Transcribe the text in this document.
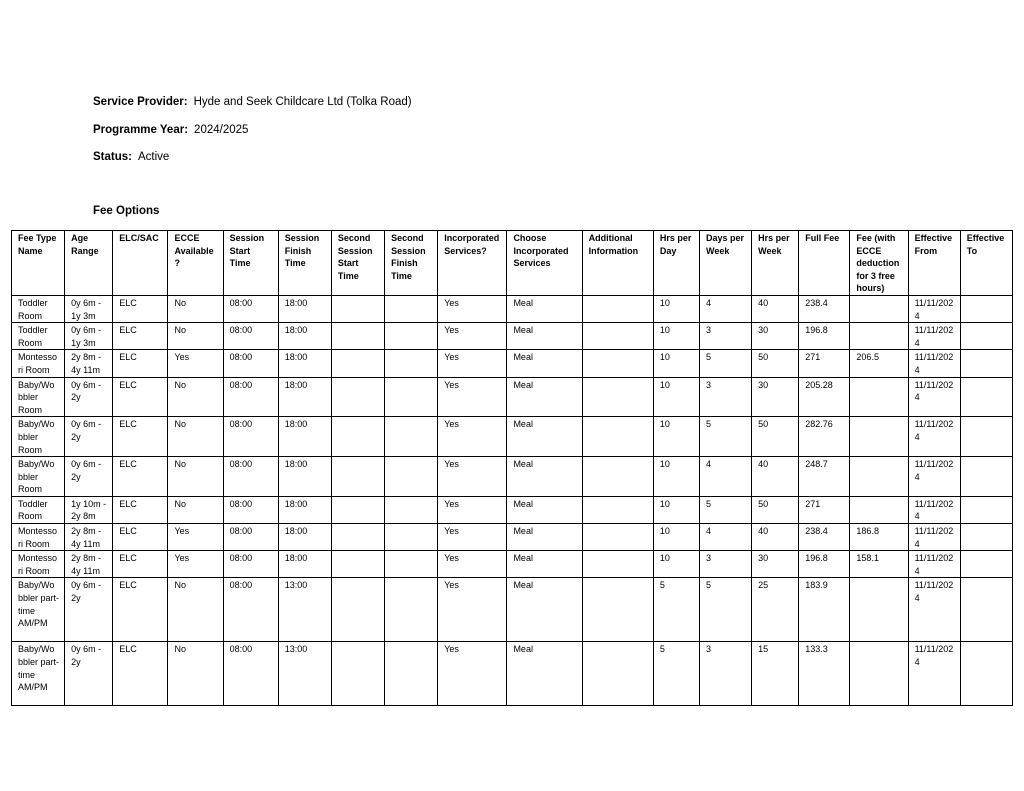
Service Provider: Hyde and Seek Childcare Ltd (Tolka Road)
Programme Year: 2024/2025
Status: Active
Fee Options
Fee Type Name	Age Range	ELC/SAC	ECCE Available ?	Session Start Time	Session Finish Time	Second Session Start Time	Second Session Finish Time	Incorporated Services?	Choose Incorporated Services	Additional Information	Hrs per Day	Days per Week	Hrs per Week	Full Fee	Fee (with ECCE deduction for 3 free hours)	Effective From	Effective To
Toddler Room	0y 6m - 1y 3m	ELC	No	08:00	18:00			Yes	Meal		10	4	40	238.4		11/11/2024	
Toddler Room	0y 6m - 1y 3m	ELC	No	08:00	18:00			Yes	Meal		10	3	30	196.8		11/11/2024	
Montessori Room	2y 8m - 4y 11m	ELC	Yes	08:00	18:00			Yes	Meal		10	5	50	271	206.5	11/11/2024	
Baby/Wobbler Room	0y 6m - 2y	ELC	No	08:00	18:00			Yes	Meal		10	3	30	205.28		11/11/2024	
Baby/Wobbler Room	0y 6m - 2y	ELC	No	08:00	18:00			Yes	Meal		10	5	50	282.76		11/11/2024	
Baby/Wobbler Room	0y 6m - 2y	ELC	No	08:00	18:00			Yes	Meal		10	4	40	248.7		11/11/2024	
Toddler Room	1y 10m - 2y 8m	ELC	No	08:00	18:00			Yes	Meal		10	5	50	271		11/11/2024	
Montessori Room	2y 8m - 4y 11m	ELC	Yes	08:00	18:00			Yes	Meal		10	4	40	238.4	186.8	11/11/2024	
Montessori Room	2y 8m - 4y 11m	ELC	Yes	08:00	18:00			Yes	Meal		10	3	30	196.8	158.1	11/11/2024	
Baby/Wobbler part-time AM/PM	0y 6m - 2y	ELC	No	08:00	13:00			Yes	Meal		5	5	25	183.9		11/11/2024	
Baby/Wobbler part-time AM/PM	0y 6m - 2y	ELC	No	08:00	13:00			Yes	Meal		5	3	15	133.3		11/11/2024	
